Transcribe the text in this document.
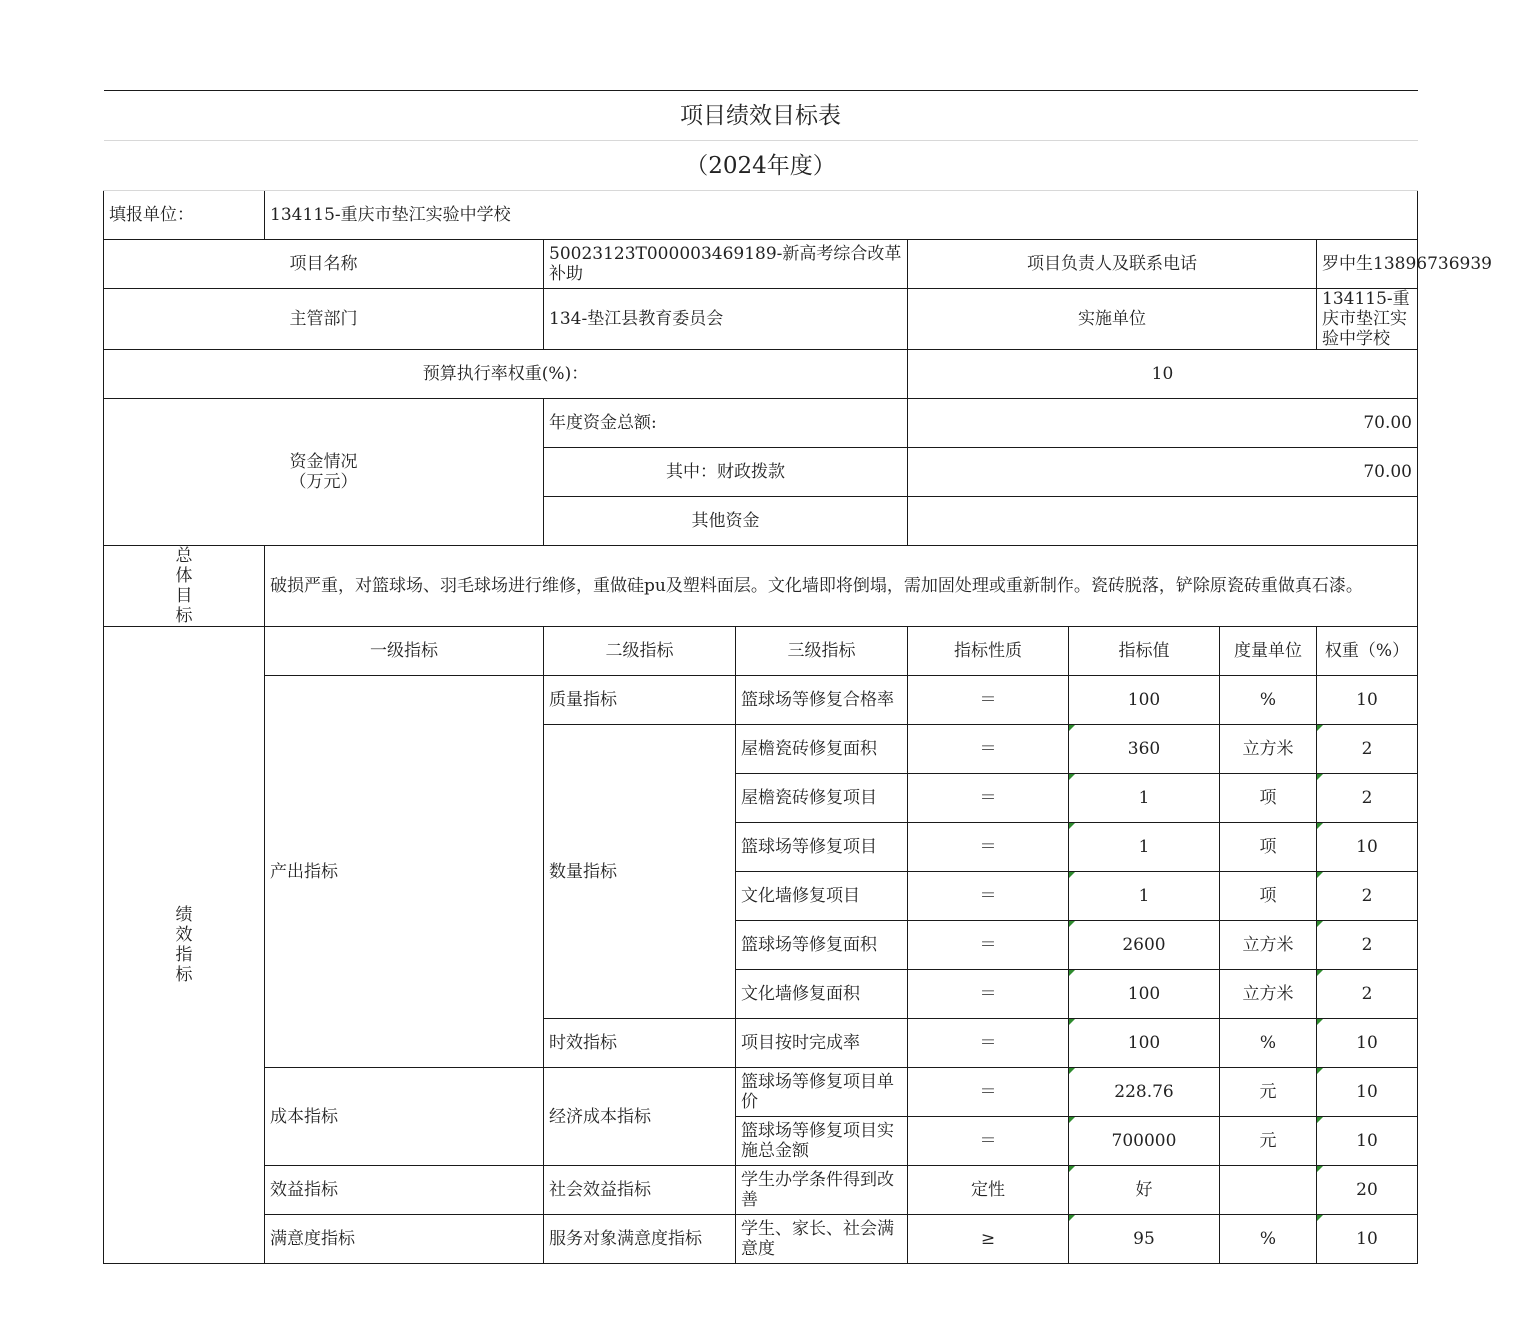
项目绩效目标表							
（2024年度）							
填报单位：	134115-重庆市垫江实验中学校						
项目名称		50023123T000003469189-新高考综合改革补助		项目负责人及联系电话			罗中生13896736939
主管部门		134-垫江县教育委员会		实施单位			134115-重庆市垫江实验中学校
预算执行率权重(%)：				10			

资金情况
（万元）		年度资金总额:		70.00			
		其中：财政拨款		70.00			
		其他资金					

总
体
目
标	破损严重，对篮球场、羽毛球场进行维修，重做硅pu及塑料面层。文化墙即将倒塌，需加固处理或重新制作。瓷砖脱落，铲除原瓷砖重做真石漆。						

绩
效
指
标	一级指标	二级指标	三级指标	指标性质	指标值	度量单位	权重（%）
	产出指标	质量指标	篮球场等修复合格率	＝	100	%	10
		数量指标	屋檐瓷砖修复面积	＝	360	立方米	2
			屋檐瓷砖修复项目	＝	1	项	2
			篮球场等修复项目	＝	1	项	10
			文化墙修复项目	＝	1	项	2
			篮球场等修复面积	＝	2600	立方米	2
			文化墙修复面积	＝	100	立方米	2
		时效指标	项目按时完成率	＝	100	%	10
	成本指标	经济成本指标	篮球场等修复项目单价	＝	228.76	元	10
			篮球场等修复项目实施总金额	＝	700000	元	10
	效益指标	社会效益指标	学生办学条件得到改善	定性	好		20
	满意度指标	服务对象满意度指标	学生、家长、社会满意度	≥	95	%	10
